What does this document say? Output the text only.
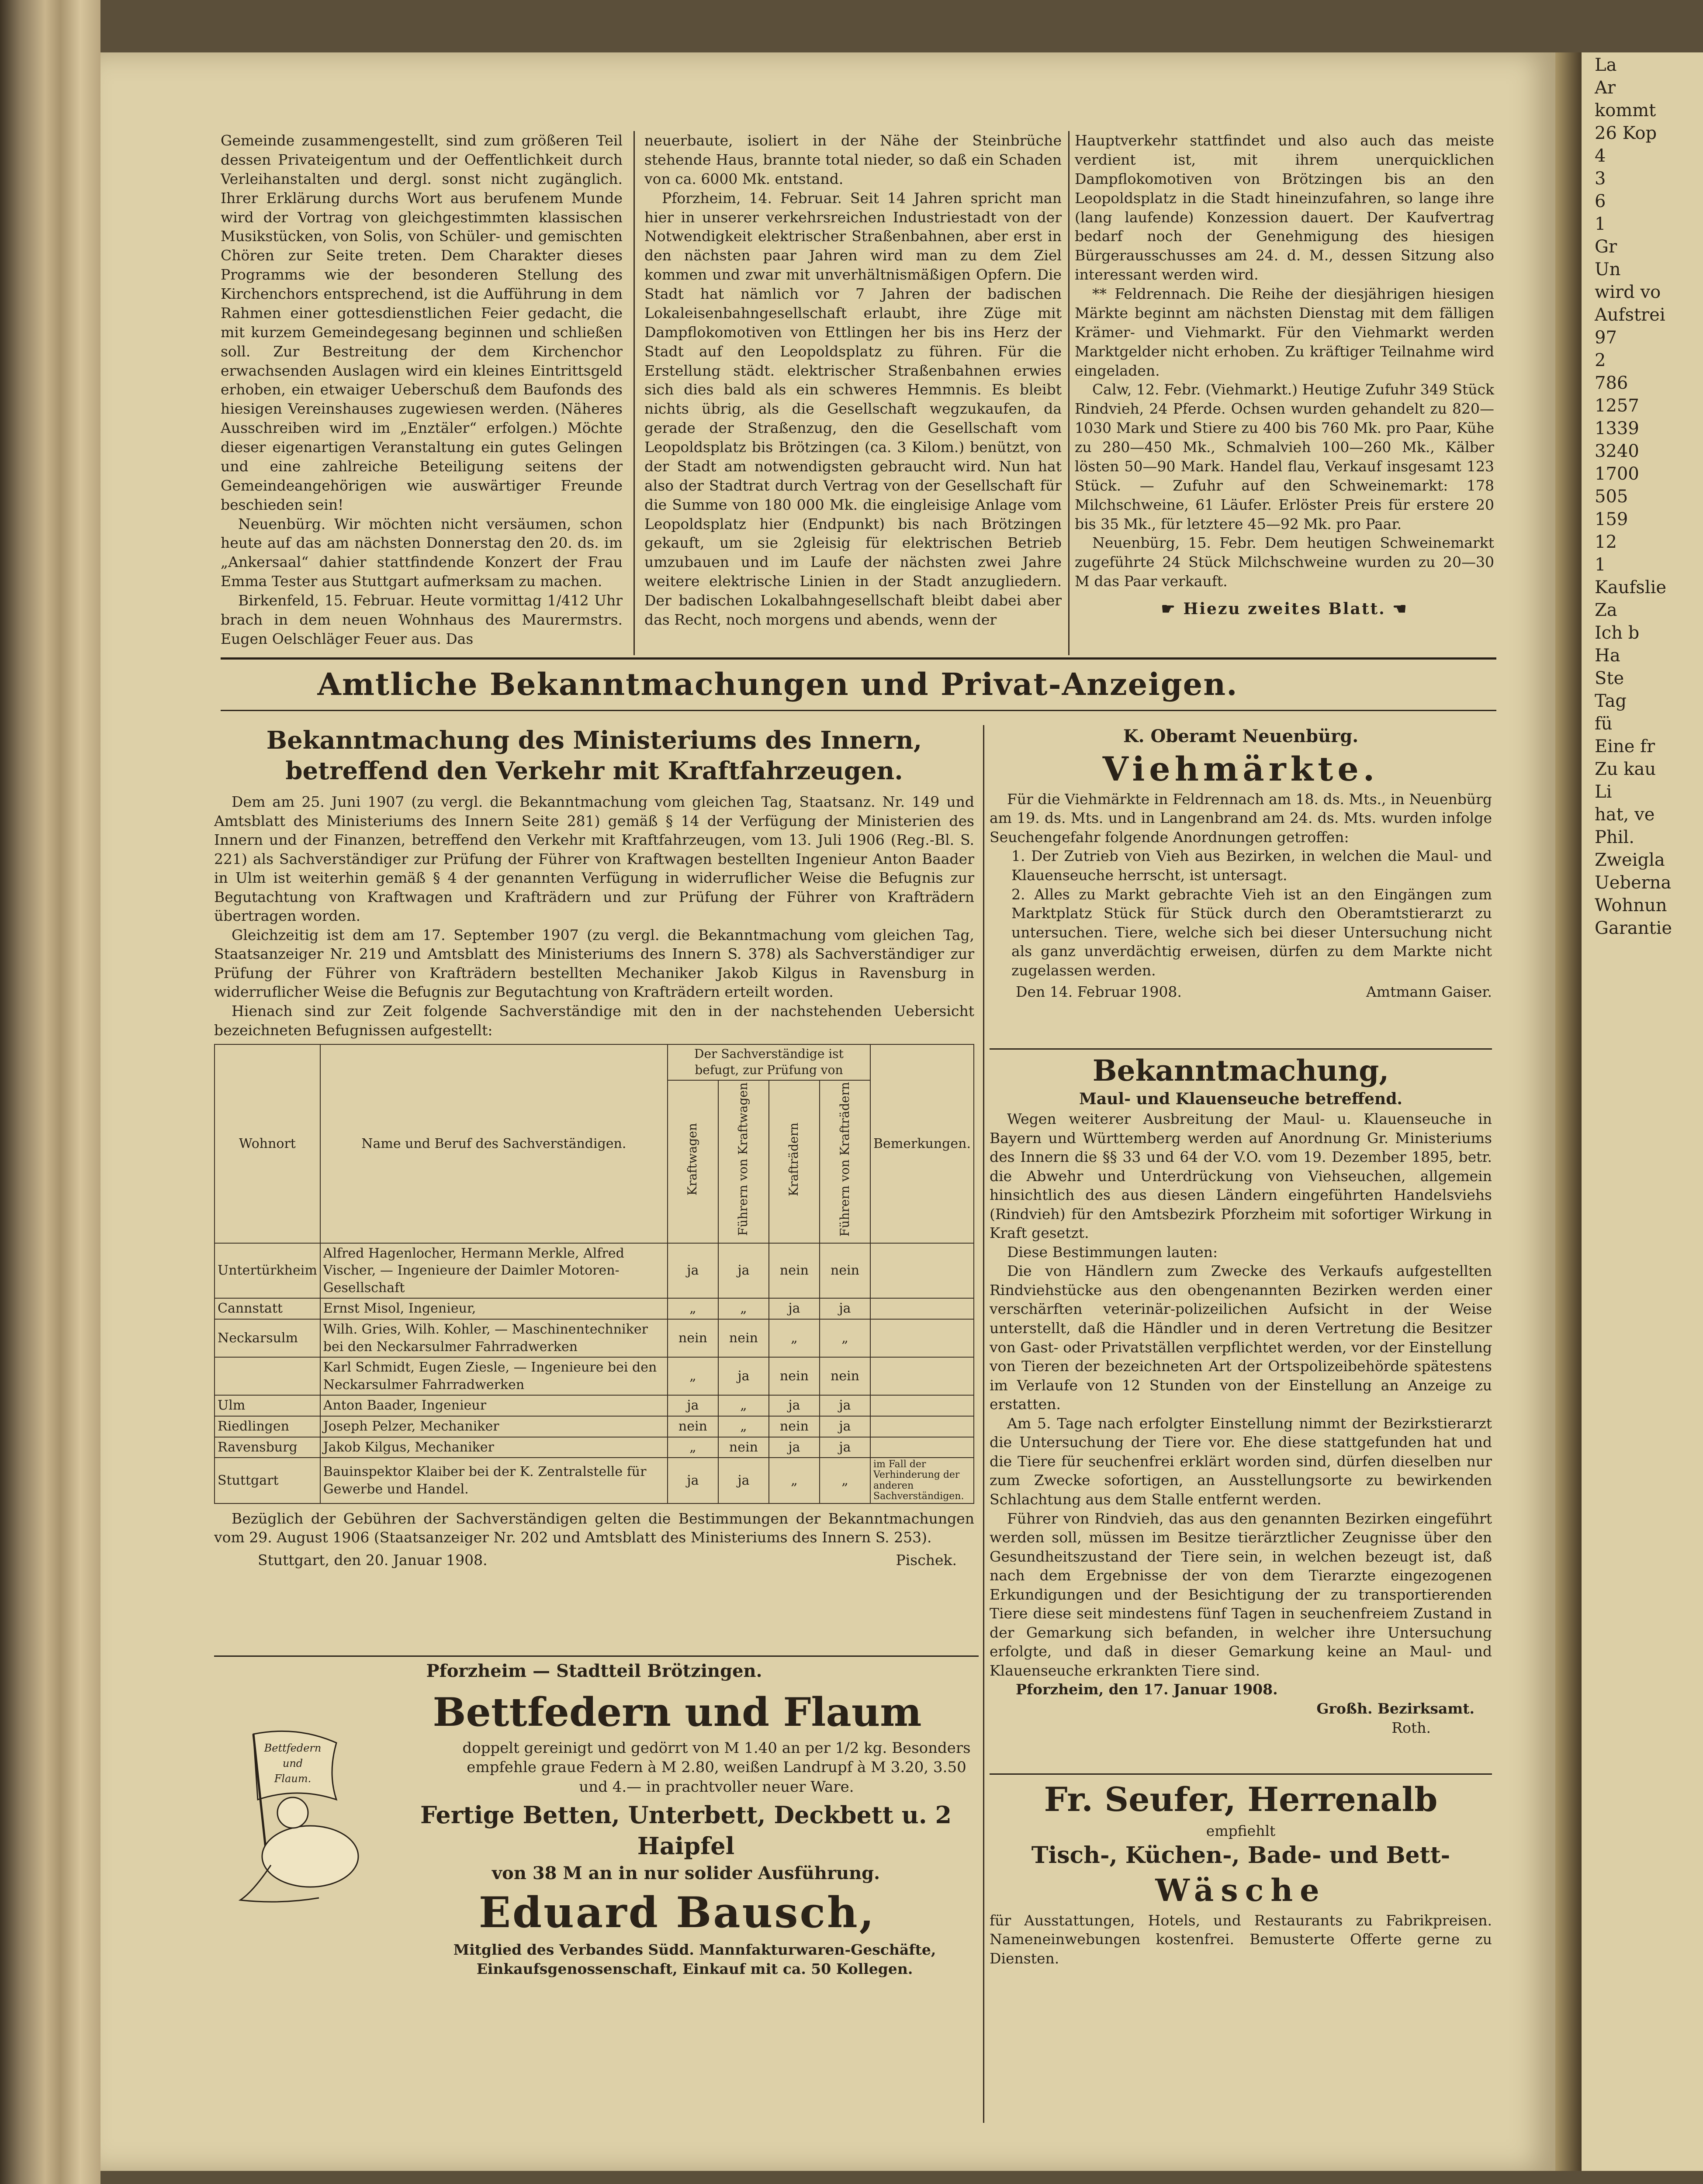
La
Ar
kommt
26 Kop
4
3
6
1
Gr
Un
wird vo
Aufstrei
97
2
786
1257
1339
3240
1700
505
159
12
1
Kaufslie
Za
Ich b
Ha
Ste
Tag
fü
Eine fr
Zu kau
Li
hat, ve
Phil.
Zweigla
Ueberna
Wohnun
Garantie

Gemeinde zusammengestellt, sind zum größeren Teil dessen Privateigentum und der Oeffentlichkeit durch Verleihanstalten und dergl. sonst nicht zugänglich. Ihrer Erklärung durchs Wort aus berufenem Munde wird der Vortrag von gleichgestimmten klassischen Musikstücken, von Solis, von Schüler- und gemischten Chören zur Seite treten. Dem Charakter dieses Programms wie der besonderen Stellung des Kirchenchors entsprechend, ist die Aufführung in dem Rahmen einer gottesdienstlichen Feier gedacht, die mit kurzem Gemeindegesang beginnen und schließen soll. Zur Bestreitung der dem Kirchenchor erwachsenden Auslagen wird ein kleines Eintrittsgeld erhoben, ein etwaiger Ueberschuß dem Baufonds des hiesigen Vereinshauses zugewiesen werden. (Näheres Ausschreiben wird im „Enztäler“ erfolgen.) Möchte dieser eigenartigen Veranstaltung ein gutes Gelingen und eine zahlreiche Beteiligung seitens der Gemeindeangehörigen wie auswärtiger Freunde beschieden sein!

Neuenbürg. Wir möchten nicht versäumen, schon heute auf das am nächsten Donnerstag den 20. ds. im „Ankersaal“ dahier stattfindende Konzert der Frau Emma Tester aus Stuttgart aufmerksam zu machen.

Birkenfeld, 15. Februar. Heute vormittag 1/412 Uhr brach in dem neuen Wohnhaus des Maurermstrs. Eugen Oelschläger Feuer aus. Das

neuerbaute, isoliert in der Nähe der Steinbrüche stehende Haus, brannte total nieder, so daß ein Schaden von ca. 6000 Mk. entstand.

Pforzheim, 14. Februar. Seit 14 Jahren spricht man hier in unserer verkehrsreichen Industriestadt von der Notwendigkeit elektrischer Straßenbahnen, aber erst in den nächsten paar Jahren wird man zu dem Ziel kommen und zwar mit unverhältnismäßigen Opfern. Die Stadt hat nämlich vor 7 Jahren der badischen Lokaleisenbahngesellschaft erlaubt, ihre Züge mit Dampflokomotiven von Ettlingen her bis ins Herz der Stadt auf den Leopoldsplatz zu führen. Für die Erstellung städt. elektrischer Straßenbahnen erwies sich dies bald als ein schweres Hemmnis. Es bleibt nichts übrig, als die Gesellschaft wegzukaufen, da gerade der Straßenzug, den die Gesellschaft vom Leopoldsplatz bis Brötzingen (ca. 3 Kilom.) benützt, von der Stadt am notwendigsten gebraucht wird. Nun hat also der Stadtrat durch Vertrag von der Gesellschaft für die Summe von 180 000 Mk. die eingleisige Anlage vom Leopoldsplatz hier (Endpunkt) bis nach Brötzingen gekauft, um sie 2gleisig für elektrischen Betrieb umzubauen und im Laufe der nächsten zwei Jahre weitere elektrische Linien in der Stadt anzugliedern. Der badischen Lokalbahngesellschaft bleibt dabei aber das Recht, noch morgens und abends, wenn der

Hauptverkehr stattfindet und also auch das meiste verdient ist, mit ihrem unerquicklichen Dampflokomotiven von Brötzingen bis an den Leopoldsplatz in die Stadt hineinzufahren, so lange ihre (lang laufende) Konzession dauert. Der Kaufvertrag bedarf noch der Genehmigung des hiesigen Bürgerausschusses am 24. d. M., dessen Sitzung also interessant werden wird.

** Feldrennach. Die Reihe der diesjährigen hiesigen Märkte beginnt am nächsten Dienstag mit dem fälligen Krämer- und Viehmarkt. Für den Viehmarkt werden Marktgelder nicht erhoben. Zu kräftiger Teilnahme wird eingeladen.

Calw, 12. Febr. (Viehmarkt.) Heutige Zufuhr 349 Stück Rindvieh, 24 Pferde. Ochsen wurden gehandelt zu 820—1030 Mark und Stiere zu 400 bis 760 Mk. pro Paar, Kühe zu 280—450 Mk., Schmalvieh 100—260 Mk., Kälber lösten 50—90 Mark. Handel flau, Verkauf insgesamt 123 Stück. — Zufuhr auf den Schweinemarkt: 178 Milchschweine, 61 Läufer. Erlöster Preis für erstere 20 bis 35 Mk., für letztere 45—92 Mk. pro Paar.

Neuenbürg, 15. Febr. Dem heutigen Schweinemarkt zugeführte 24 Stück Milchschweine wurden zu 20—30 M das Paar verkauft.

☛ Hiezu zweites Blatt. ☚
Amtliche Bekanntmachungen und Privat-Anzeigen.
Bekanntmachung des Ministeriums des Innern, betreffend den Verkehr mit Kraftfahrzeugen.

Dem am 25. Juni 1907 (zu vergl. die Bekanntmachung vom gleichen Tag, Staatsanz. Nr. 149 und Amtsblatt des Ministeriums des Innern Seite 281) gemäß § 14 der Verfügung der Ministerien des Innern und der Finanzen, betreffend den Verkehr mit Kraftfahrzeugen, vom 13. Juli 1906 (Reg.-Bl. S. 221) als Sachverständiger zur Prüfung der Führer von Kraftwagen bestellten Ingenieur Anton Baader in Ulm ist weiterhin gemäß § 4 der genannten Verfügung in widerruflicher Weise die Befugnis zur Begutachtung von Kraftwagen und Krafträdern und zur Prüfung der Führer von Krafträdern übertragen worden.

Gleichzeitig ist dem am 17. September 1907 (zu vergl. die Bekanntmachung vom gleichen Tag, Staatsanzeiger Nr. 219 und Amtsblatt des Ministeriums des Innern S. 378) als Sachverständiger zur Prüfung der Führer von Krafträdern bestellten Mechaniker Jakob Kilgus in Ravensburg in widerruflicher Weise die Befugnis zur Begutachtung von Krafträdern erteilt worden.

Hienach sind zur Zeit folgende Sachverständige mit den in der nachstehenden Uebersicht bezeichneten Befugnissen aufgestellt:

Wohnort	Name und Beruf des Sachverständigen.	Der Sachverständige ist befugt, zur Prüfung von				Bemerkungen.
		Kraftwagen	Führern von Kraftwagen	Krafträdern	Führern von Krafträdern	
Untertürkheim	Alfred Hagenlocher, Hermann Merkle, Alfred Vischer, — Ingenieure der Daimler Motoren-Gesellschaft	ja	ja	nein	nein	
Cannstatt	Ernst Misol, Ingenieur,	„	„	ja	ja	
Neckarsulm	Wilh. Gries, Wilh. Kohler, — Maschinentechniker bei den Neckarsulmer Fahrradwerken	nein	nein	„	„	
	Karl Schmidt, Eugen Ziesle, — Ingenieure bei den Neckarsulmer Fahrradwerken	„	ja	nein	nein	
Ulm	Anton Baader, Ingenieur	ja	„	ja	ja	
Riedlingen	Joseph Pelzer, Mechaniker	nein	„	nein	ja	
Ravensburg	Jakob Kilgus, Mechaniker	„	nein	ja	ja	
Stuttgart	Bauinspektor Klaiber bei der K. Zentralstelle für Gewerbe und Handel.	ja	ja	„	„	im Fall der Verhinderung der anderen Sachverständigen.

Bezüglich der Gebühren der Sachverständigen gelten die Bestimmungen der Bekanntmachungen vom 29. August 1906 (Staatsanzeiger Nr. 202 und Amtsblatt des Ministeriums des Innern S. 253).

Stuttgart, den 20. Januar 1908.	Pischek.
Pforzheim — Stadtteil Brötzingen.
Bettfedern und Flaum
doppelt gereinigt und gedörrt von M 1.40 an per 1/2 kg. Besonders empfehle graue Federn à M 2.80, weißen Landrupf à M 3.20, 3.50 und 4.— in prachtvoller neuer Ware.
Fertige Betten, Unterbett, Deckbett u. 2 Haipfel
von 38 M an in nur solider Ausführung.
Eduard Bausch,
Mitglied des Verbandes Südd. Mannfakturwaren-Geschäfte, Einkaufsgenossenschaft, Einkauf mit ca. 50 Kollegen.
Bettfedern
und
Flaum.
K. Oberamt Neuenbürg.
Viehmärkte.

Für die Viehmärkte in Feldrennach am 18. ds. Mts., in Neuenbürg am 19. ds. Mts. und in Langenbrand am 24. ds. Mts. wurden infolge Seuchengefahr folgende Anordnungen getroffen:

1. Der Zutrieb von Vieh aus Bezirken, in welchen die Maul- und Klauenseuche herrscht, ist untersagt.

2. Alles zu Markt gebrachte Vieh ist an den Eingängen zum Marktplatz Stück für Stück durch den Oberamtstierarzt zu untersuchen. Tiere, welche sich bei dieser Untersuchung nicht als ganz unverdächtig erweisen, dürfen zu dem Markte nicht zugelassen werden.

Den 14. Februar 1908.	Amtmann Gaiser.
Bekanntmachung,
Maul- und Klauenseuche betreffend.

Wegen weiterer Ausbreitung der Maul- u. Klauenseuche in Bayern und Württemberg werden auf Anordnung Gr. Ministeriums des Innern die §§ 33 und 64 der V.O. vom 19. Dezember 1895, betr. die Abwehr und Unterdrückung von Viehseuchen, allgemein hinsichtlich des aus diesen Ländern eingeführten Handelsviehs (Rindvieh) für den Amtsbezirk Pforzheim mit sofortiger Wirkung in Kraft gesetzt.

Diese Bestimmungen lauten:

Die von Händlern zum Zwecke des Verkaufs aufgestellten Rindviehstücke aus den obengenannten Bezirken werden einer verschärften veterinär-polizeilichen Aufsicht in der Weise unterstellt, daß die Händler und in deren Vertretung die Besitzer von Gast- oder Privatställen verpflichtet werden, vor der Einstellung von Tieren der bezeichneten Art der Ortspolizeibehörde spätestens im Verlaufe von 12 Stunden von der Einstellung an Anzeige zu erstatten.

Am 5. Tage nach erfolgter Einstellung nimmt der Bezirkstierarzt die Untersuchung der Tiere vor. Ehe diese stattgefunden hat und die Tiere für seuchenfrei erklärt worden sind, dürfen dieselben nur zum Zwecke sofortigen, an Ausstellungsorte zu bewirkenden Schlachtung aus dem Stalle entfernt werden.

Führer von Rindvieh, das aus den genannten Bezirken eingeführt werden soll, müssen im Besitze tierärztlicher Zeugnisse über den Gesundheitszustand der Tiere sein, in welchen bezeugt ist, daß nach dem Ergebnisse der von dem Tierarzte eingezogenen Erkundigungen und der Besichtigung der zu transportierenden Tiere diese seit mindestens fünf Tagen in seuchenfreiem Zustand in der Gemarkung sich befanden, in welcher ihre Untersuchung erfolgte, und daß in dieser Gemarkung keine an Maul- und Klauenseuche erkrankten Tiere sind.

Pforzheim, den 17. Januar 1908.
Großh. Bezirksamt.
Roth.
Fr. Seufer, Herrenalb
empfiehlt
Tisch-, Küchen-, Bade- und Bett-
Wäsche

für Ausstattungen, Hotels, und Restaurants zu Fabrikpreisen. Nameneinwebungen kostenfrei. Bemusterte Offerte gerne zu Diensten.
